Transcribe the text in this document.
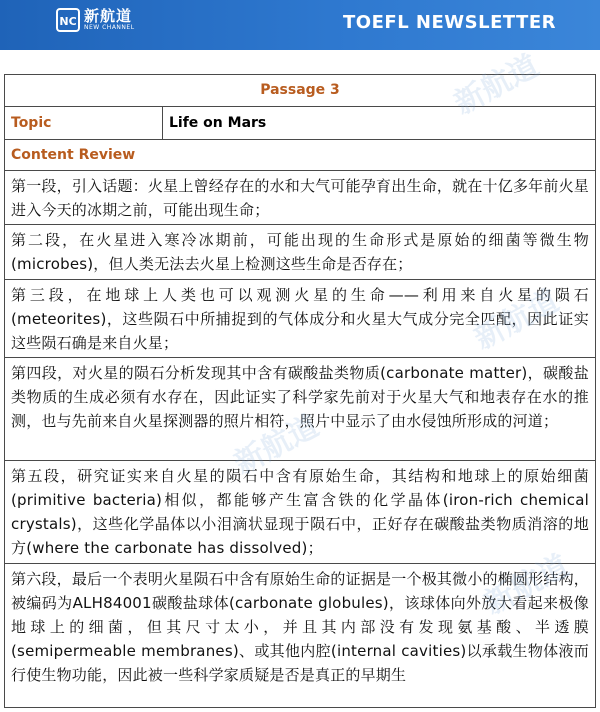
NC 新航道
NEW CHANNEL	TOEFL NEWSLETTER
Passage 3
Topic	Life on Mars
Content Review
第一段，引入话题：火星上曾经存在的水和大气可能孕育出生命，就在十亿多年前火星进入今天的冰期之前，可能出现生命；
第二段，在火星进入寒冷冰期前，可能出现的生命形式是原始的细菌等微生物(microbes)，但人类无法去火星上检测这些生命是否存在；
第三段，在地球上人类也可以观测火星的生命——利用来自火星的陨石(meteorites)，这些陨石中所捕捉到的气体成分和火星大气成分完全匹配，因此证实这些陨石确是来自火星；
第四段，对火星的陨石分析发现其中含有碳酸盐类物质(carbonate matter)，碳酸盐类物质的生成必须有水存在，因此证实了科学家先前对于火星大气和地表存在水的推测，也与先前来自火星探测器的照片相符，照片中显示了由水侵蚀所形成的河道；
第五段，研究证实来自火星的陨石中含有原始生命，其结构和地球上的原始细菌(primitive bacteria)相似，都能够产生富含铁的化学晶体(iron-rich chemical crystals)，这些化学晶体以小泪滴状显现于陨石中，正好存在碳酸盐类物质消溶的地方(where the carbonate has dissolved)；
第六段，最后一个表明火星陨石中含有原始生命的证据是一个极其微小的椭圆形结构，被编码为ALH84001碳酸盐球体(carbonate globules)，该球体向外放大看起来极像地球上的细菌，但其尺寸太小，并且其内部没有发现氨基酸、半透膜(semipermeable membranes)、或其他内腔(internal cavities)以承载生物体液而行使生物功能，因此被一些科学家质疑是否是真正的早期生
新航道
新航道
新航道
新航道
